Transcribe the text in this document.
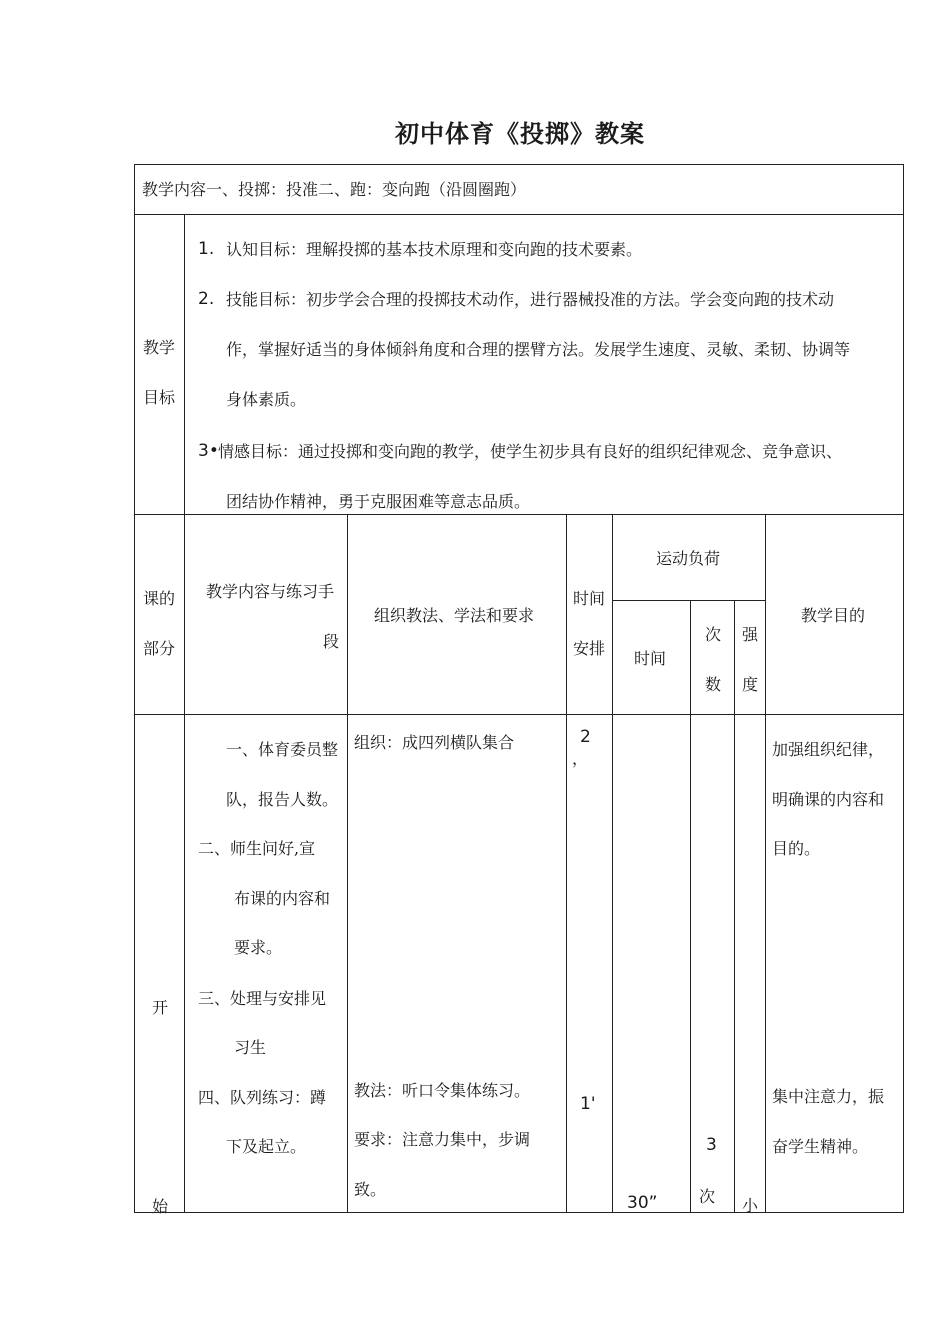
初中体育《投掷》教案
教学内容一、投掷：投准二、跑：变向跑（沿圆圈跑）
教学
目标
1. 认知目标：理解投掷的基本技术原理和变向跑的技术要素。
2. 技能目标：初步学会合理的投掷技术动作，进行器械投准的方法。学会变向跑的技术动
作，掌握好适当的身体倾斜角度和合理的摆臂方法。发展学生速度、灵敏、柔韧、协调等
身体素质。
3• 情感目标：通过投掷和变向跑的教学，使学生初步具有良好的组织纪律观念、竞争意识、
团结协作精神，勇于克服困难等意志品质。
课的
部分
教学内容与练习手
段
组织教法、学法和要求
时间
安排
运动负荷
时间
次
数
强
度
教学目的
开
始
一、体育委员整
队，报告人数。
二、师生问好,宣
布课的内容和
要求。
三、处理与安排见
习生
四、队列练习：蹲
下及起立。
组织：成四列横队集合
教法：听口令集体练习。
要求：注意力集中，步调
致。
2
，
1'
30”
3
次 小
加强组织纪律，
明确课的内容和
目的。
集中注意力，振
奋学生精神。
